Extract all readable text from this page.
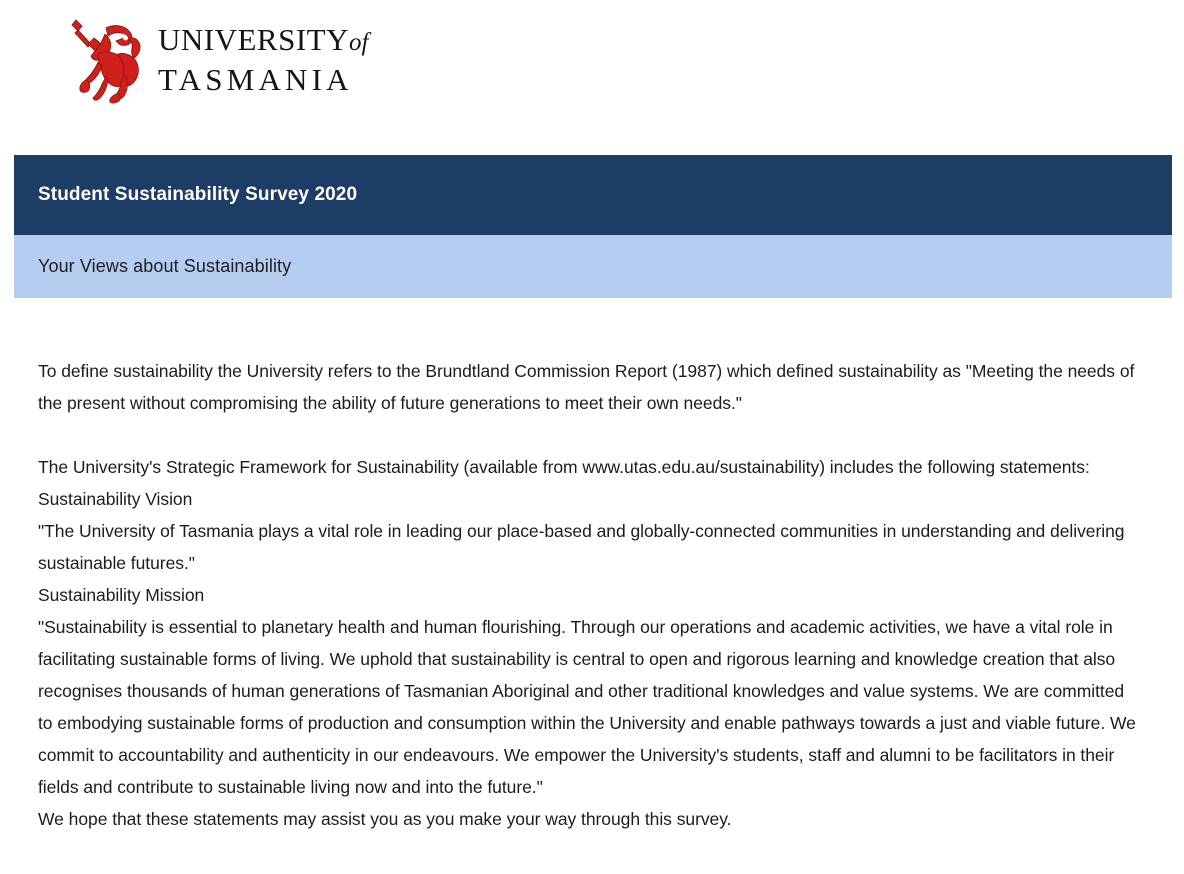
UNIVERSITYof
TASMANIA
Student Sustainability Survey 2020
Your Views about Sustainability

To define sustainability the University refers to the Brundtland Commission Report (1987) which defined sustainability as "Meeting the needs of the present without compromising the ability of future generations to meet their own needs."

The University's Strategic Framework for Sustainability (available from www.utas.edu.au/sustainability) includes the following statements:

Sustainability Vision

"The University of Tasmania plays a vital role in leading our place-based and globally-connected communities in understanding and delivering sustainable futures."

Sustainability Mission

"Sustainability is essential to planetary health and human flourishing. Through our operations and academic activities, we have a vital role in facilitating sustainable forms of living. We uphold that sustainability is central to open and rigorous learning and knowledge creation that also recognises thousands of human generations of Tasmanian Aboriginal and other traditional knowledges and value systems. We are committed to embodying sustainable forms of production and consumption within the University and enable pathways towards a just and viable future. We commit to accountability and authenticity in our endeavours. We empower the University's students, staff and alumni to be facilitators in their fields and contribute to sustainable living now and into the future."

We hope that these statements may assist you as you make your way through this survey.
